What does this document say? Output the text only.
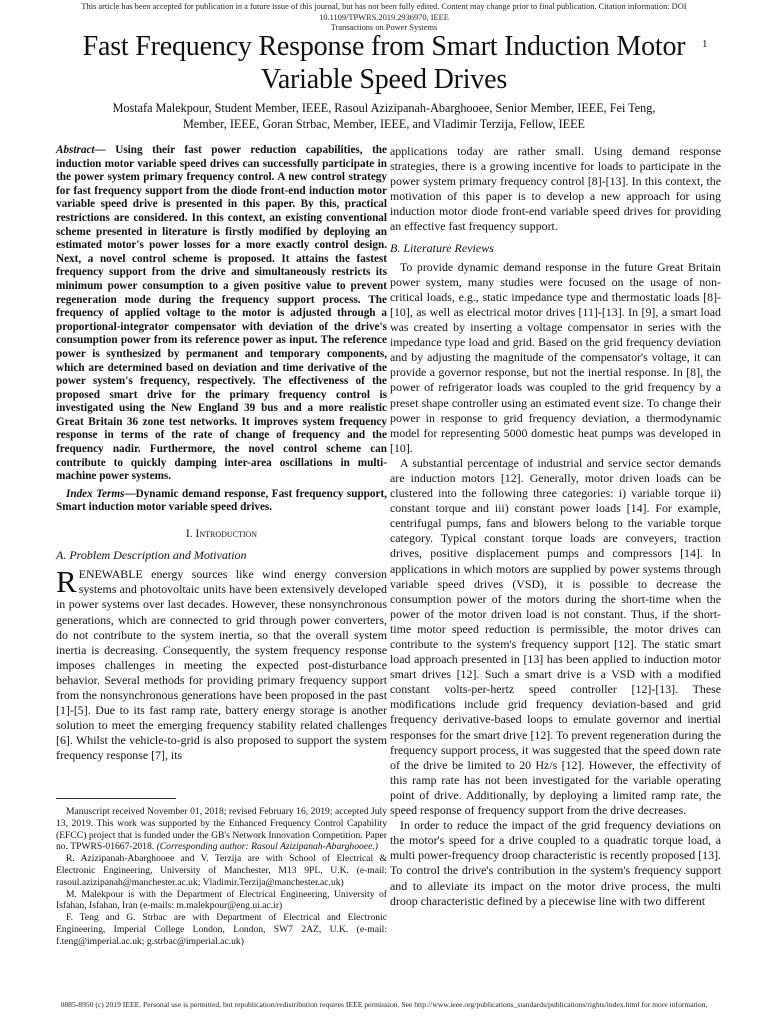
This article has been accepted for publication in a future issue of this journal, but has not been fully edited. Content may change prior to final publication. Citation information: DOI 10.1109/TPWRS.2019.2936970, IEEE
Transactions on Power Systems
1
Fast Frequency Response from Smart Induction Motor Variable Speed Drives
Mostafa Malekpour, Student Member, IEEE, Rasoul Azizipanah-Abarghooee, Senior Member, IEEE, Fei Teng,
Member, IEEE, Goran Strbac, Member, IEEE, and Vladimir Terzija, Fellow, IEEE

Abstract— Using their fast power reduction capabilities, the induction motor variable speed drives can successfully participate in the power system primary frequency control. A new control strategy for fast frequency support from the diode front-end induction motor variable speed drive is presented in this paper. By this, practical restrictions are considered. In this context, an existing conventional scheme presented in literature is firstly modified by deploying an estimated motor's power losses for a more exactly control design. Next, a novel control scheme is proposed. It attains the fastest frequency support from the drive and simultaneously restricts its minimum power consumption to a given positive value to prevent regeneration mode during the frequency support process. The frequency of applied voltage to the motor is adjusted through a proportional-integrator compensator with deviation of the drive's consumption power from its reference power as input. The reference power is synthesized by permanent and temporary components, which are determined based on deviation and time derivative of the power system's frequency, respectively. The effectiveness of the proposed smart drive for the primary frequency control is investigated using the New England 39 bus and a more realistic Great Britain 36 zone test networks. It improves system frequency response in terms of the rate of change of frequency and the frequency nadir. Furthermore, the novel control scheme can contribute to quickly damping inter-area oscillations in multi-machine power systems.

Index Terms—Dynamic demand response, Fast frequency support, Smart induction motor variable speed drives.

I. Introduction

A. Problem Description and Motivation

RENEWABLE energy sources like wind energy conversion systems and photovoltaic units have been extensively developed in power systems over last decades. However, these nonsynchronous generations, which are connected to grid through power converters, do not contribute to the system inertia, so that the overall system inertia is decreasing. Consequently, the system frequency response imposes challenges in meeting the expected post-disturbance behavior. Several methods for providing primary frequency support from the nonsynchronous generations have been proposed in the past [1]-[5]. Due to its fast ramp rate, battery energy storage is another solution to meet the emerging frequency stability related challenges [6]. Whilst the vehicle-to-grid is also proposed to support the system frequency response [7], its

applications today are rather small. Using demand response strategies, there is a growing incentive for loads to participate in the power system primary frequency control [8]-[13]. In this context, the motivation of this paper is to develop a new approach for using induction motor diode front-end variable speed drives for providing an effective fast frequency support.

B. Literature Reviews

To provide dynamic demand response in the future Great Britain power system, many studies were focused on the usage of non-critical loads, e.g., static impedance type and thermostatic loads [8]-[10], as well as electrical motor drives [11]-[13]. In [9], a smart load was created by inserting a voltage compensator in series with the impedance type load and grid. Based on the grid frequency deviation and by adjusting the magnitude of the compensator's voltage, it can provide a governor response, but not the inertial response. In [8], the power of refrigerator loads was coupled to the grid frequency by a preset shape controller using an estimated event size. To change their power in response to grid frequency deviation, a thermodynamic model for representing 5000 domestic heat pumps was developed in [10].

A substantial percentage of industrial and service sector demands are induction motors [12]. Generally, motor driven loads can be clustered into the following three categories: i) variable torque ii) constant torque and iii) constant power loads [14]. For example, centrifugal pumps, fans and blowers belong to the variable torque category. Typical constant torque loads are conveyers, traction drives, positive displacement pumps and compressors [14]. In applications in which motors are supplied by power systems through variable speed drives (VSD), it is possible to decrease the consumption power of the motors during the short-time when the power of the motor driven load is not constant. Thus, if the short-time motor speed reduction is permissible, the motor drives can contribute to the system's frequency support [12]. The static smart load approach presented in [13] has been applied to induction motor smart drives [12]. Such a smart drive is a VSD with a modified constant volts-per-hertz speed controller [12]-[13]. These modifications include grid frequency deviation-based and grid frequency derivative-based loops to emulate governor and inertial responses for the smart drive [12]. To prevent regeneration during the frequency support process, it was suggested that the speed down rate of the drive be limited to 20 Hz/s [12]. However, the effectivity of this ramp rate has not been investigated for the variable operating point of drive. Additionally, by deploying a limited ramp rate, the speed response of frequency support from the drive decreases.

In order to reduce the impact of the grid frequency deviations on the motor's speed for a drive coupled to a quadratic torque load, a multi power-frequency droop characteristic is recently proposed [13]. To control the drive's contribution in the system's frequency support and to alleviate its impact on the motor drive process, the multi droop characteristic defined by a piecewise line with two different

Manuscript received November 01, 2018; revised February 16, 2019; accepted July 13, 2019. This work was supported by the Enhanced Frequency Control Capability (EFCC) project that is funded under the GB's Network Innovation Competition. Paper no. TPWRS-01667-2018. (Corresponding author: Rasoul Azizipanah-Abarghooee.)

R. Azizipanah-Abarghooee and V. Terzija are with School of Electrical & Electronic Engineering, University of Manchester, M13 9PL, U.K. (e-mail: rasoul.azizipanah@manchester.ac.uk; Vladimir.Terzija@manchester.ac.uk)

M. Malekpour is with the Department of Electrical Engineering, University of Isfahan, Isfahan, Iran (e-mails: m.malekpour@eng.ui.ac.ir)

F. Teng and G. Strbac are with Department of Electrical and Electronic Engineering, Imperial College London, London, SW7 2AZ, U.K. (e-mail: f.teng@imperial.ac.uk; g.strbac@imperial.ac.uk)

0885-8950 (c) 2019 IEEE. Personal use is permitted, but republication/redistribution requires IEEE permission. See http://www.ieee.org/publications_standards/publications/rights/index.html for more information.
